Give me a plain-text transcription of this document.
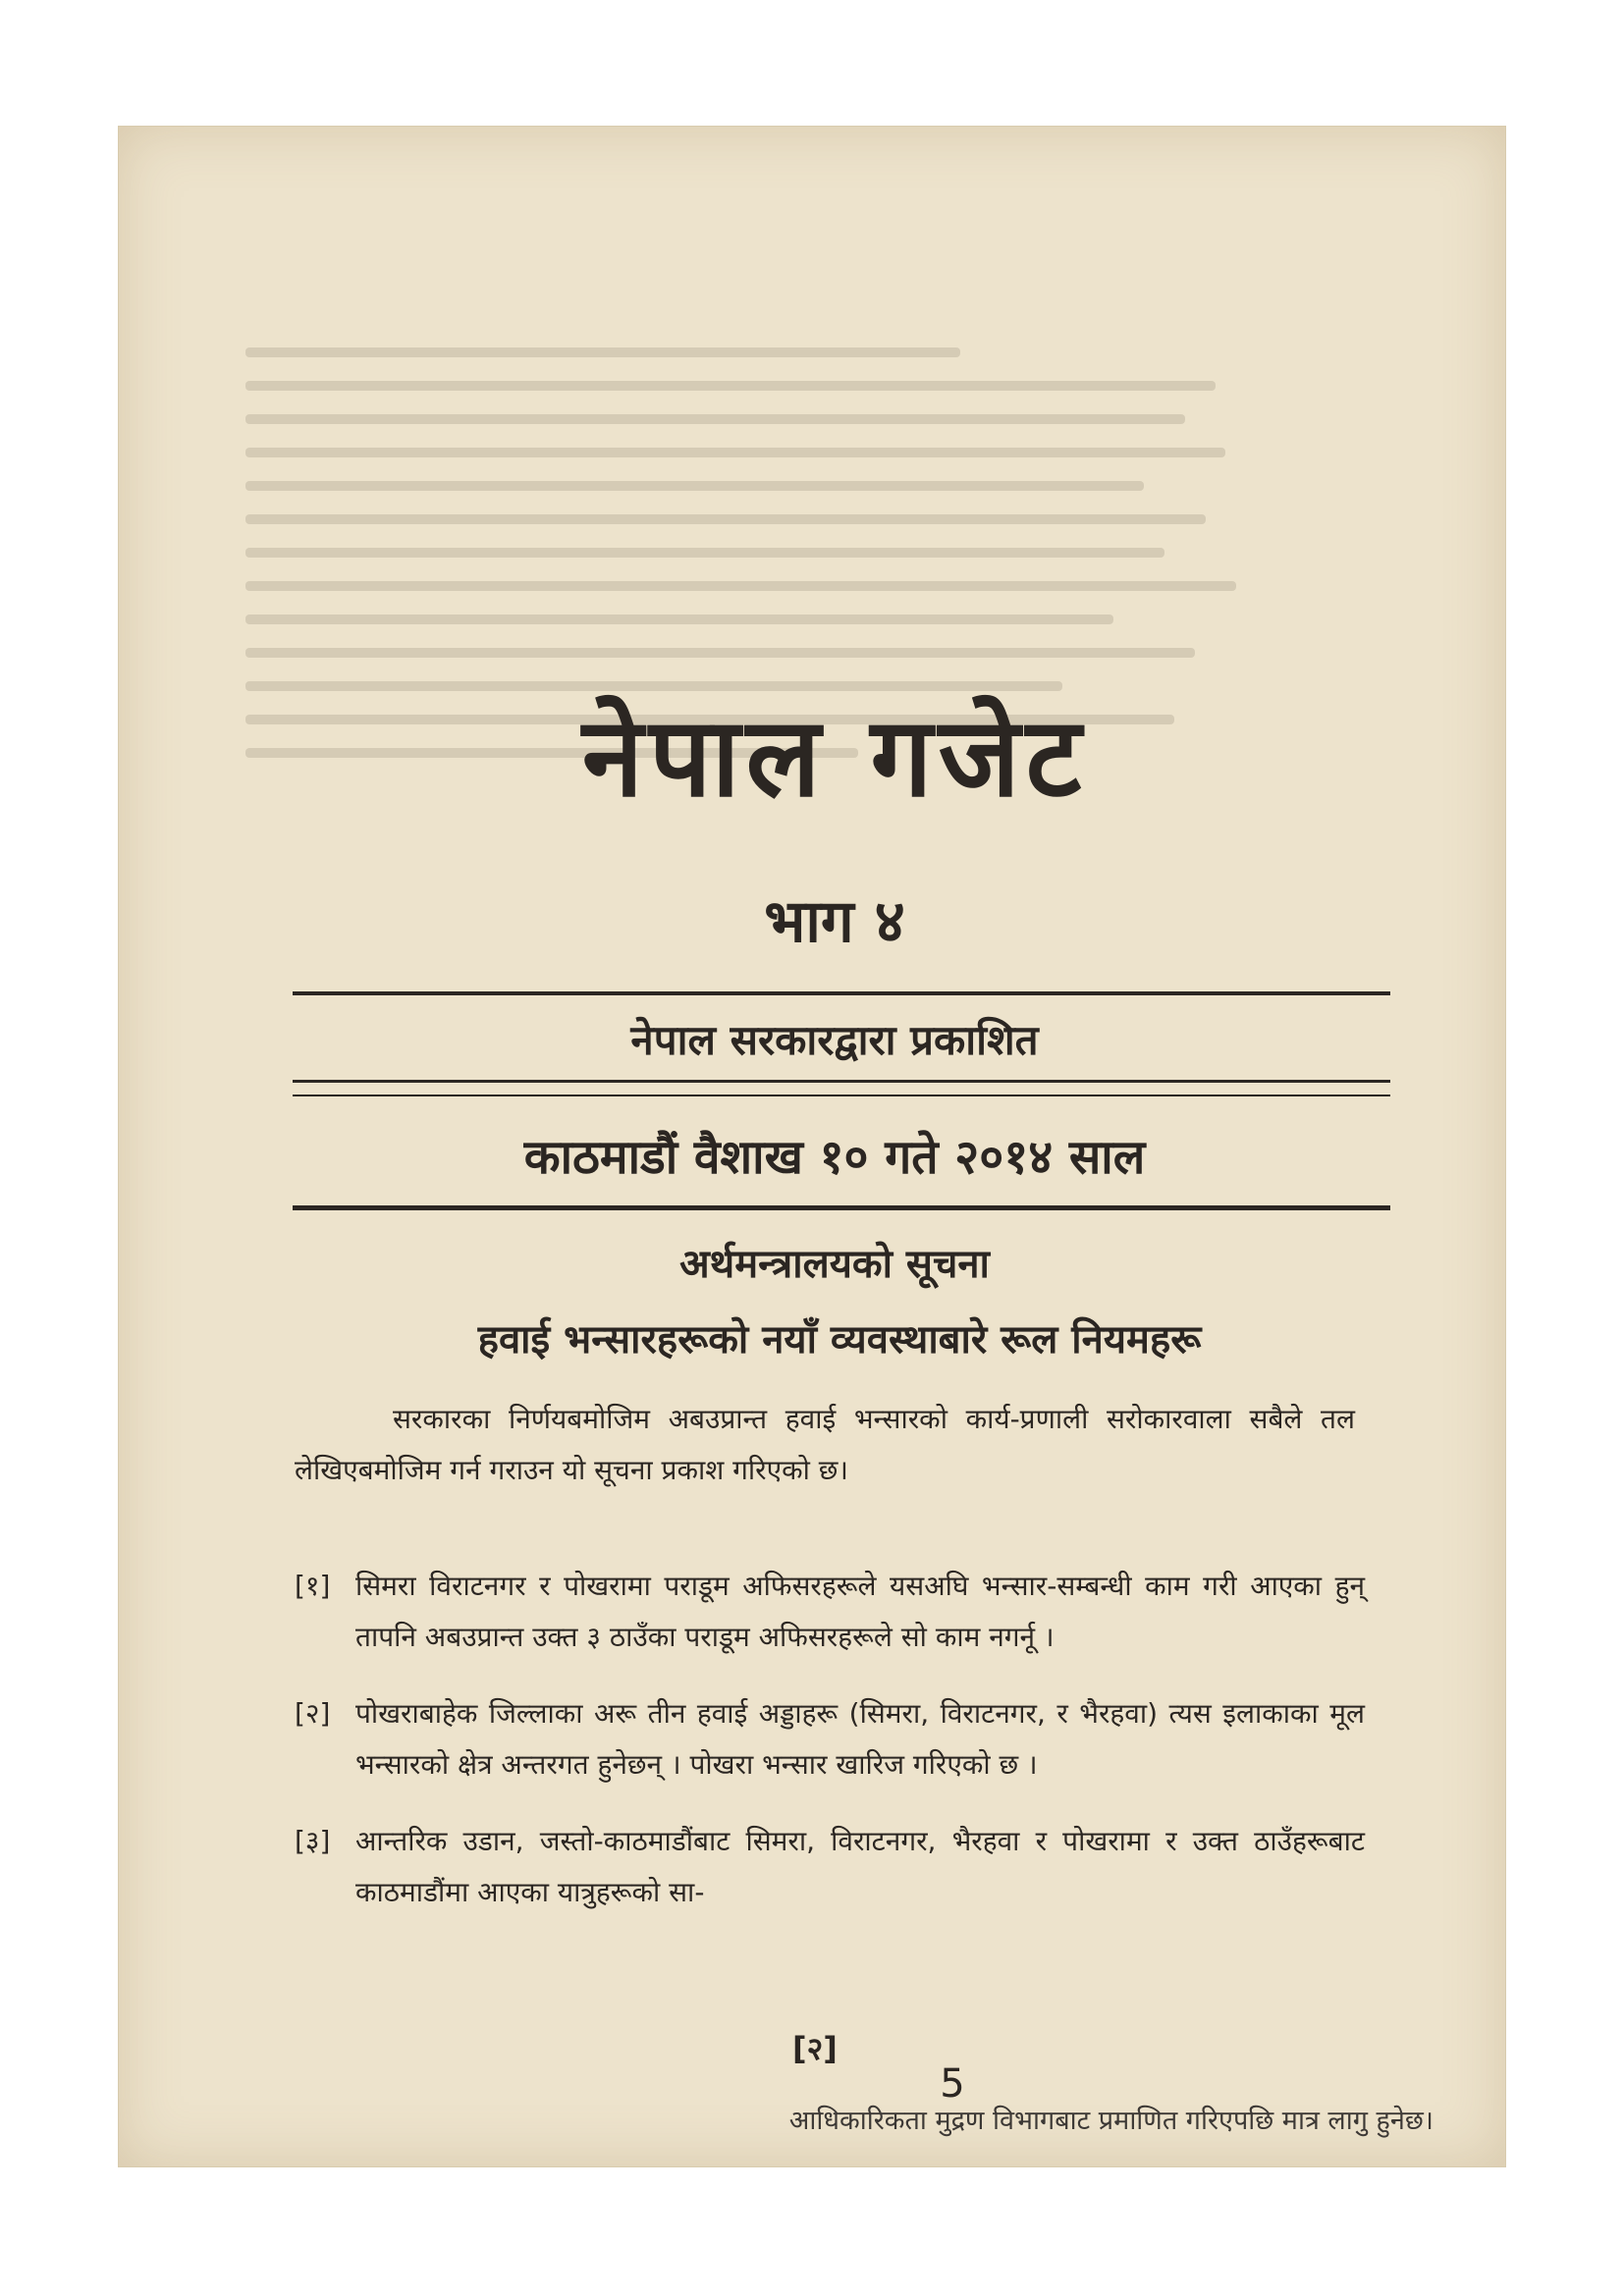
नेपाल गजेट
भाग ४
नेपाल सरकारद्वारा प्रकाशित
काठमाडौं वैशाख १० गते २०१४ साल
अर्थमन्त्रालयको सूचना
हवाई भन्सारहरूको नयाँ व्यवस्थाबारे रूल नियमहरू
सरकारका निर्णयबमोजिम अबउप्रान्त हवाई भन्सारको कार्य-प्रणाली सरोकारवाला सबैले तल लेखिएबमोजिम गर्न गराउन यो सूचना प्रकाश गरिएको छ।
[१] सिमरा विराटनगर र पोखरामा पराडूम अफिसरहरूले यसअघि भन्सार-सम्बन्धी काम गरी आएका हुन् तापनि अबउप्रान्त उक्त ३ ठाउँका पराडूम अफिसरहरूले सो काम नगर्नू ।
[२] पोखराबाहेक जिल्लाका अरू तीन हवाई अड्डाहरू (सिमरा, विराटनगर, र भैरहवा) त्यस इलाकाका मूल भन्सारको क्षेत्र अन्तरगत हुनेछन् । पोखरा भन्सार खारिज गरिएको छ ।
[३] आन्तरिक उडान, जस्तो-काठमाडौंबाट सिमरा, विराटनगर, भैरहवा र पोखरामा र उक्त ठाउँहरूबाट काठमाडौंमा आएका यात्रुहरूको सा-
[२]
5
आधिकारिकता मुद्रण विभागबाट प्रमाणित गरिएपछि मात्र लागु हुनेछ।
